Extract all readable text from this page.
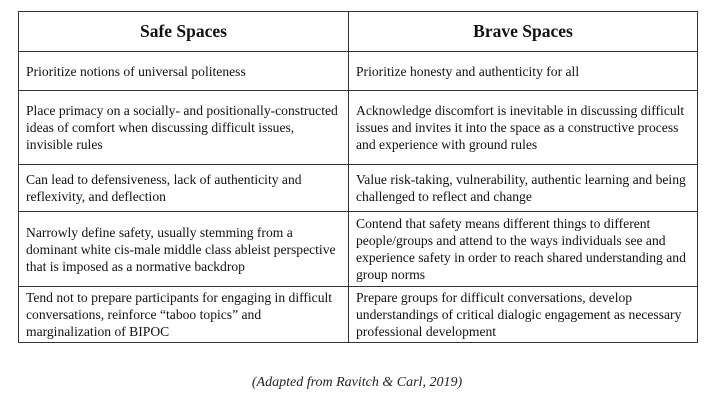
Safe Spaces	Brave Spaces
Prioritize notions of universal politeness	Prioritize honesty and authenticity for all
Place primacy on a socially- and positionally-constructed ideas of comfort when discussing difficult issues, invisible rules	Acknowledge discomfort is inevitable in discussing difficult issues and invites it into the space as a constructive process and experience with ground rules
Can lead to defensiveness, lack of authenticity and reflexivity, and deflection	Value risk-taking, vulnerability, authentic learning and being challenged to reflect and change
Narrowly define safety, usually stemming from a dominant white cis-male middle class ableist perspective that is imposed as a normative backdrop	Contend that safety means different things to different people/groups and attend to the ways individuals see and experience safety in order to reach shared understanding and group norms
Tend not to prepare participants for engaging in difficult conversations, reinforce “taboo topics” and marginalization of BIPOC	Prepare groups for difficult conversations, develop understandings of critical dialogic engagement as necessary professional development
(Adapted from Ravitch & Carl, 2019)
